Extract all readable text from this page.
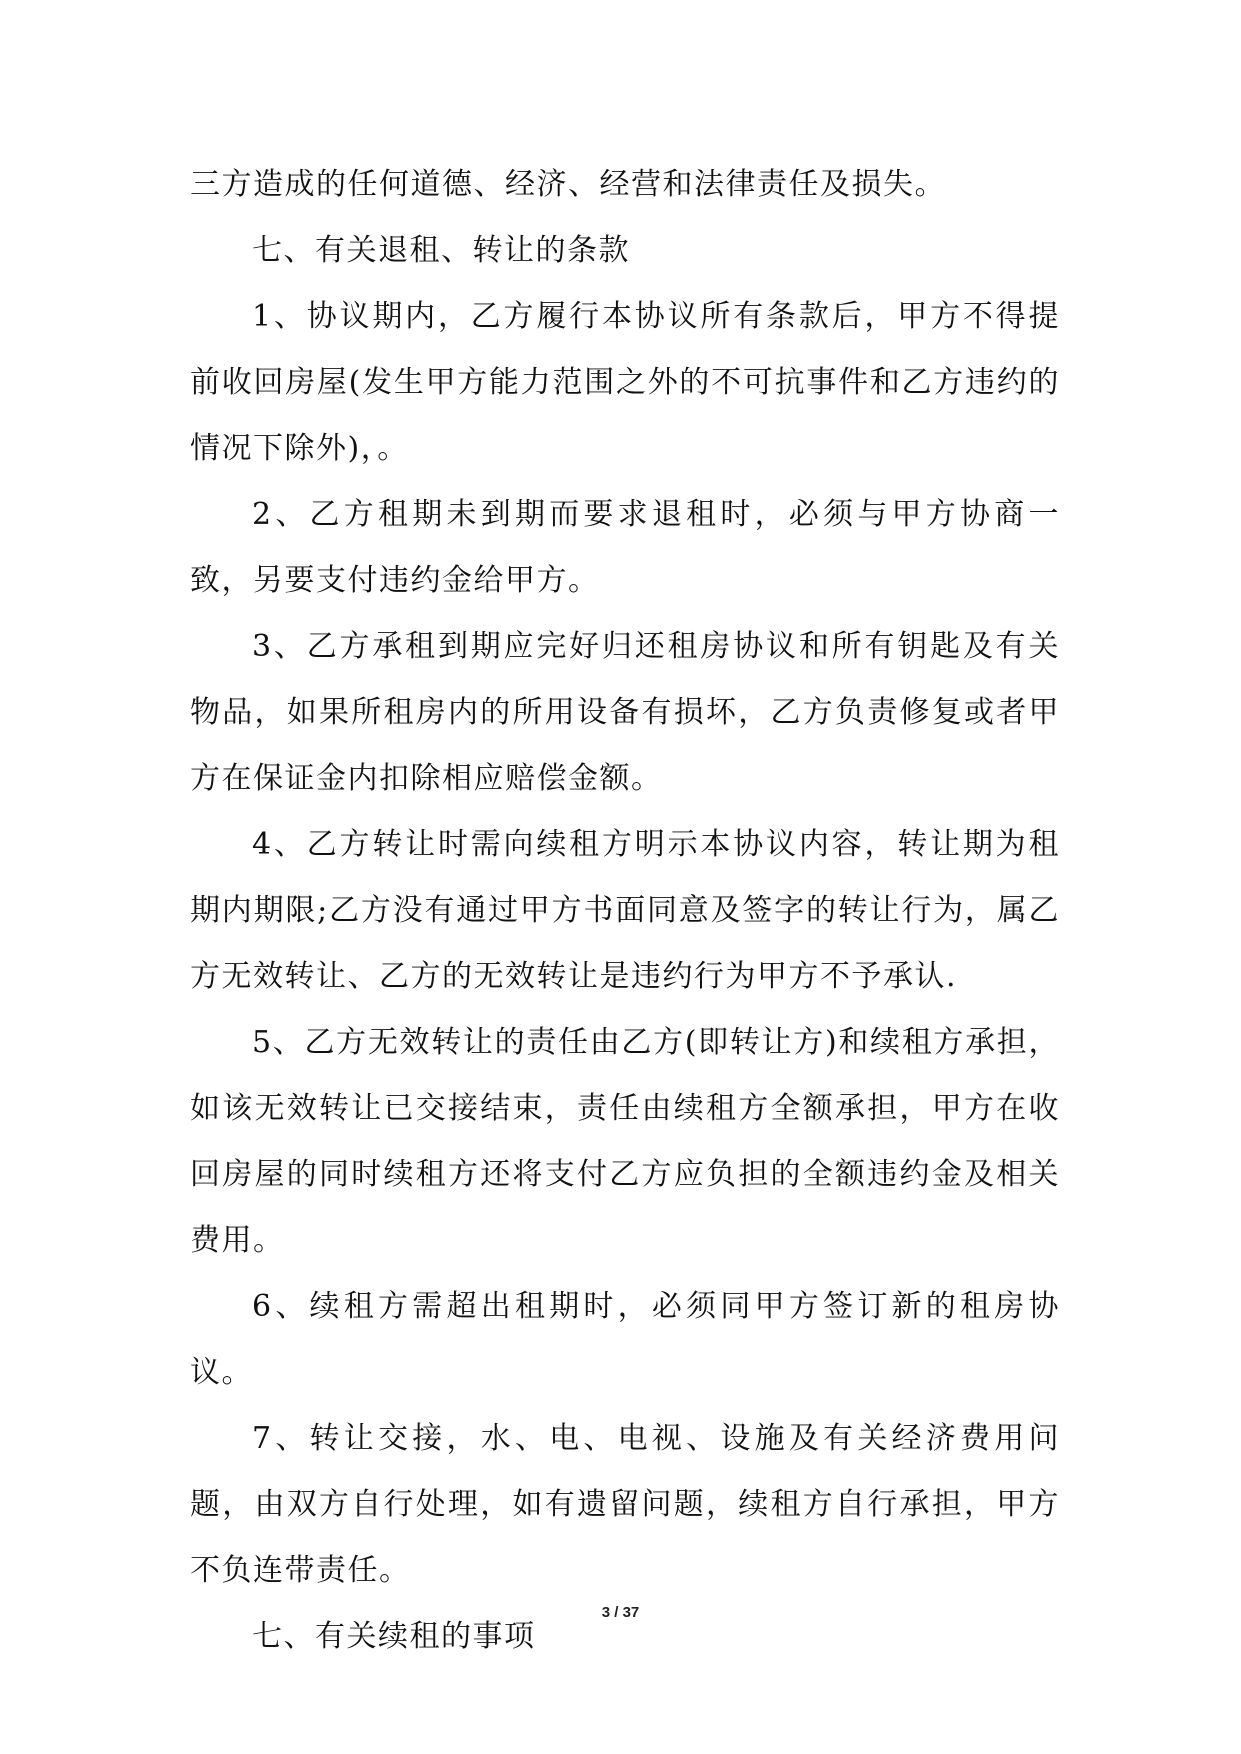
三方造成的任何道德、经济、经营和法律责任及损失。

七、有关退租、转让的条款

1、协议期内，乙方履行本协议所有条款后，甲方不得提前收回房屋(发生甲方能力范围之外的不可抗事件和乙方违约的情况下除外)，。

2、乙方租期未到期而要求退租时，必须与甲方协商一致，另要支付违约金给甲方。

3、乙方承租到期应完好归还租房协议和所有钥匙及有关物品，如果所租房内的所用设备有损坏，乙方负责修复或者甲方在保证金内扣除相应赔偿金额。

4、乙方转让时需向续租方明示本协议内容，转让期为租期内期限;乙方没有通过甲方书面同意及签字的转让行为，属乙方无效转让、乙方的无效转让是违约行为甲方不予承认.

5、乙方无效转让的责任由乙方(即转让方)和续租方承担，如该无效转让已交接结束，责任由续租方全额承担，甲方在收回房屋的同时续租方还将支付乙方应负担的全额违约金及相关费用。

6、续租方需超出租期时，必须同甲方签订新的租房协议。

7、转让交接，水、电、电视、设施及有关经济费用问题，由双方自行处理，如有遗留问题，续租方自行承担，甲方不负连带责任。

七、有关续租的事项

3 / 37
